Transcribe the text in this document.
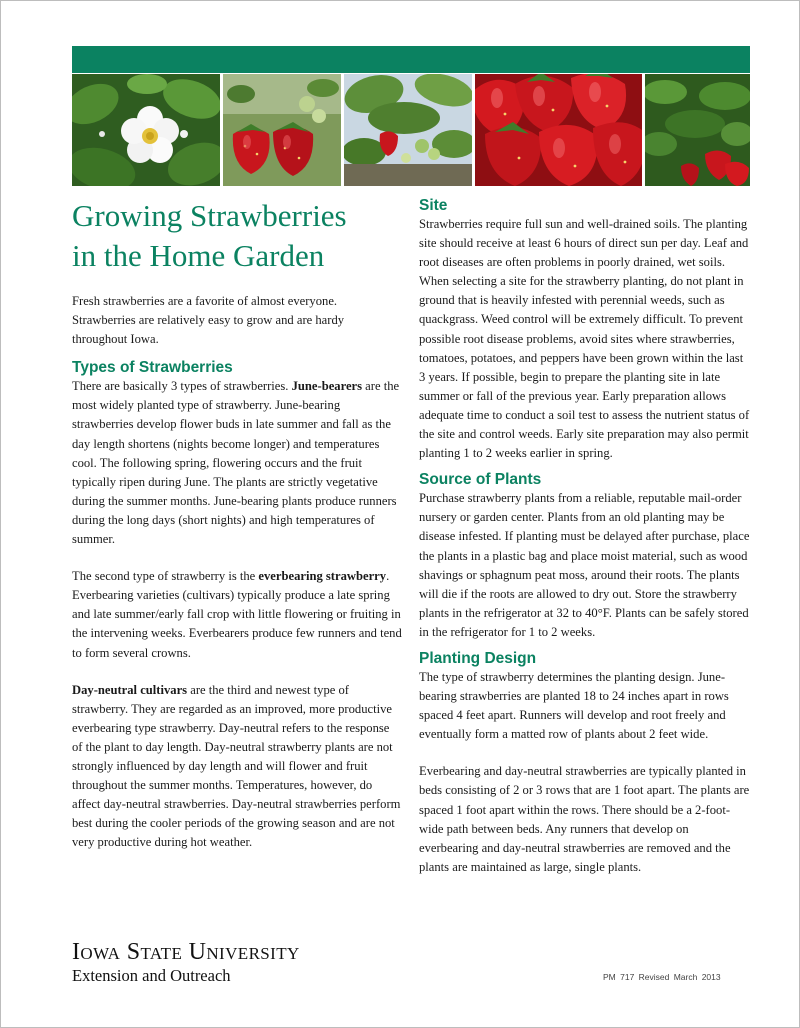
Growing Strawberries
in the Home Garden

Fresh strawberries are a favorite of almost everyone. Strawberries are relatively easy to grow and are hardy throughout Iowa.

Types of Strawberries

There are basically 3 types of strawberries. June-bearers are the most widely planted type of strawberry. June-bearing strawberries develop flower buds in late summer and fall as the day length shortens (nights become longer) and temperatures cool. The following spring, flowering occurs and the fruit typically ripen during June. The plants are strictly vegetative during the summer months. June-bearing plants produce runners during the long days (short nights) and high temperatures of summer.

The second type of strawberry is the everbearing strawberry. Everbearing varieties (cultivars) typically produce a late spring and late summer/early fall crop with little flowering or fruiting in the intervening weeks. Everbearers produce few runners and tend to form several crowns.

Day-neutral cultivars are the third and newest type of strawberry. They are regarded as an improved, more productive everbearing type strawberry. Day-neutral refers to the response of the plant to day length. Day-neutral strawberry plants are not strongly influenced by day length and will flower and fruit throughout the summer months. Temperatures, however, do affect day-neutral strawberries. Day-neutral strawberries perform best during the cooler periods of the growing season and are not very productive during hot weather.

Site

Strawberries require full sun and well-drained soils. The planting site should receive at least 6 hours of direct sun per day. Leaf and root diseases are often problems in poorly drained, wet soils. When selecting a site for the strawberry planting, do not plant in ground that is heavily infested with perennial weeds, such as quackgrass. Weed control will be extremely difficult. To prevent possible root disease problems, avoid sites where strawberries, tomatoes, potatoes, and peppers have been grown within the last 3 years. If possible, begin to prepare the planting site in late summer or fall of the previous year. Early preparation allows adequate time to conduct a soil test to assess the nutrient status of the site and control weeds. Early site preparation may also permit planting 1 to 2 weeks earlier in spring.

Source of Plants

Purchase strawberry plants from a reliable, reputable mail-order nursery or garden center. Plants from an old planting may be disease infested. If planting must be delayed after purchase, place the plants in a plastic bag and place moist material, such as wood shavings or sphagnum peat moss, around their roots. The plants will die if the roots are allowed to dry out. Store the strawberry plants in the refrigerator at 32 to 40°F. Plants can be safely stored in the refrigerator for 1 to 2 weeks.

Planting Design

The type of strawberry determines the planting design. June-bearing strawberries are planted 18 to 24 inches apart in rows spaced 4 feet apart. Runners will develop and root freely and eventually form a matted row of plants about 2 feet wide.

Everbearing and day-neutral strawberries are typically planted in beds consisting of 2 or 3 rows that are 1 foot apart. The plants are spaced 1 foot apart within the rows. There should be a 2-foot-wide path between beds. Any runners that develop on everbearing and day-neutral strawberries are removed and the plants are maintained as large, single plants.

Iowa State University
Extension and Outreach	PM 717 Revised March 2013
